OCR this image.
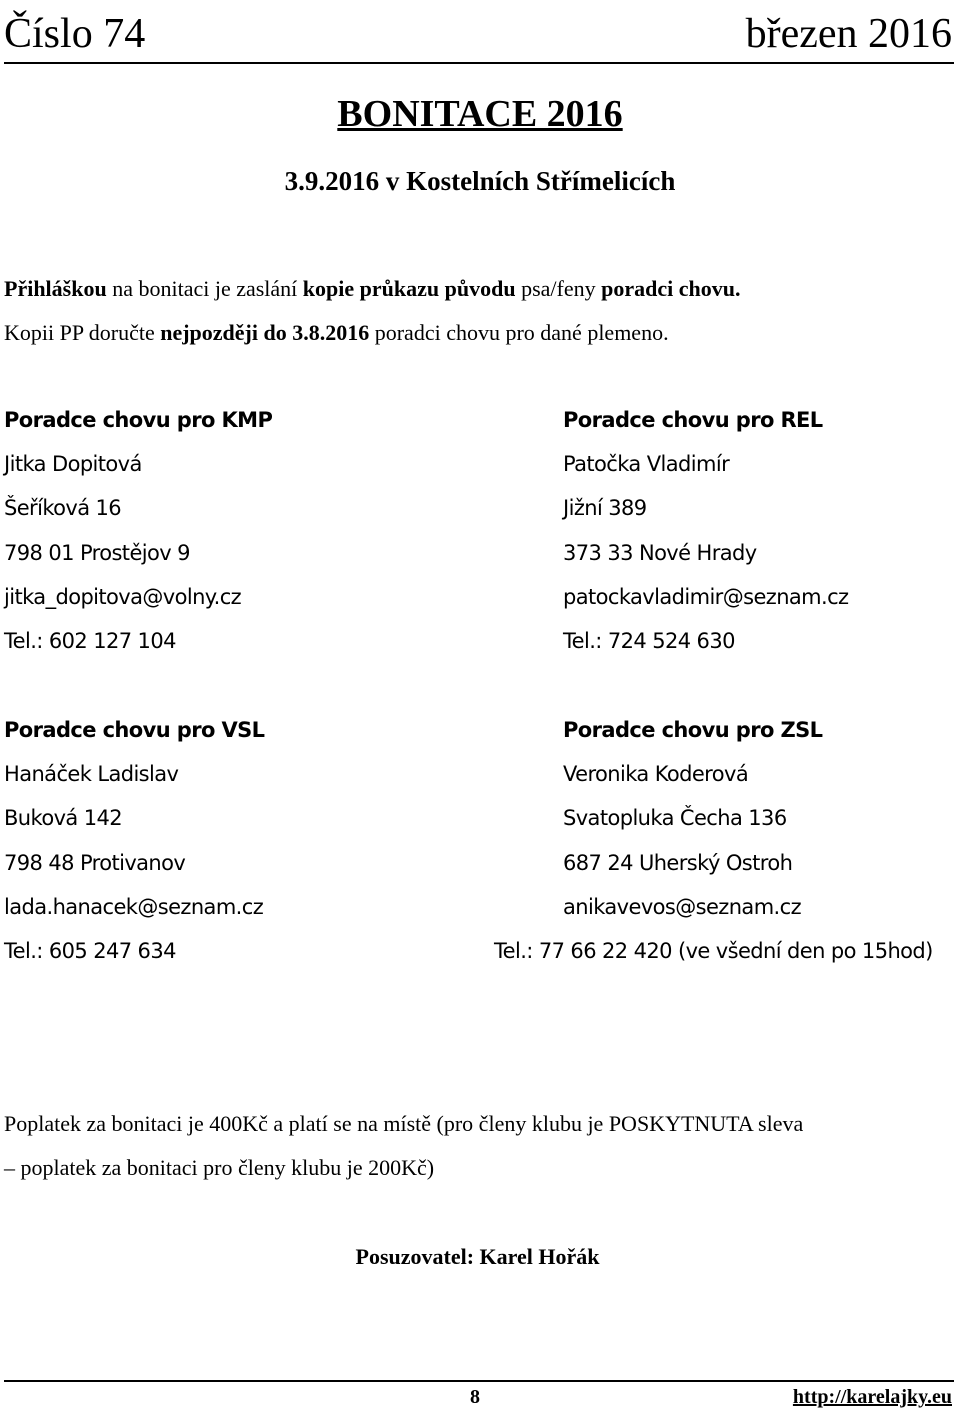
Číslo 74	březen 2016
BONITACE 2016
3.9.2016 v Kostelních Střímelicích
Přihláškou na bonitaci je zaslání kopie průkazu původu psa/feny poradci chovu.
Kopii PP doručte nejpozději do 3.8.2016 poradci chovu pro dané plemeno.
Poradce chovu pro KMP
Jitka Dopitová
Šeříková 16
798 01 Prostějov 9
jitka_dopitova@volny.cz
Tel.: 602 127 104
Poradce chovu pro REL
Patočka Vladimír
Jižní 389
373 33 Nové Hrady
patockavladimir@seznam.cz
Tel.: 724 524 630
Poradce chovu pro VSL
Hanáček Ladislav
Buková 142
798 48 Protivanov
lada.hanacek@seznam.cz
Tel.: 605 247 634
Poradce chovu pro ZSL
Veronika Koderová
Svatopluka Čecha 136
687 24 Uherský Ostroh
anikavevos@seznam.cz
Tel.: 77 66 22 420 (ve všední den po 15hod)
Poplatek za bonitaci je 400Kč a platí se na místě (pro členy klubu je POSKYTNUTA sleva
– poplatek za bonitaci pro členy klubu je 200Kč)
Posuzovatel: Karel Hořák
8	http://karelajky.eu
